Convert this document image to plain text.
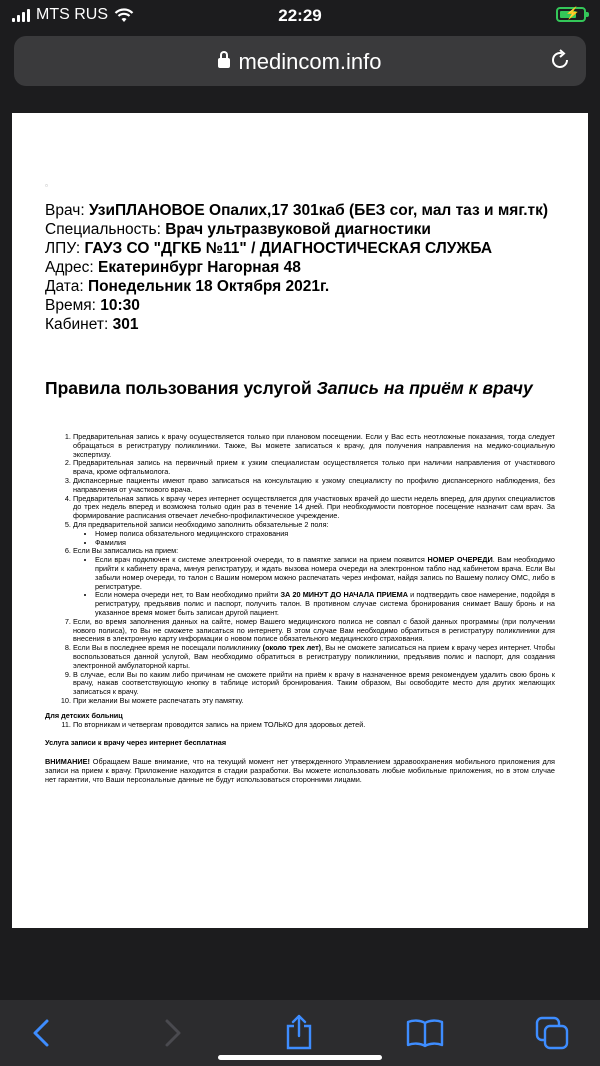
MTS RUS	22:29	⚡
medincom.info
▫

Врач: УзиПЛАНОВОЕ Опалих,17 301каб (БЕЗ cor, мал таз и мяг.тк)

Специальность: Врач ультразвуковой диагностики

ЛПУ: ГАУЗ СО "ДГКБ №11" / ДИАГНОСТИЧЕСКАЯ СЛУЖБА

Адрес: Екатеринбург Нагорная 48

Дата: Понедельник 18 Октября 2021г.

Время: 10:30

Кабинет: 301

Правила пользования услугой Запись на приём к врачу
1. Предварительная запись к врачу осуществляется только при плановом посещении. Если у Вас есть неотложные показания, тогда следует обращаться в регистратуру поликлиники. Также, Вы можете записаться к врачу, для получения направления на медико-социальную экспертизу.
2. Предварительная запись на первичный прием к узким специалистам осуществляется только при наличии направления от участкового врача, кроме офтальмолога.
3. Диспансерные пациенты имеют право записаться на консультацию к узкому специалисту по профилю диспансерного наблюдения, без направления от участкового врача.
4. Предварительная запись к врачу через интернет осуществляется для участковых врачей до шести недель вперед, для других специалистов до трех недель вперед и возможна только один раз в течение 14 дней. При необходимости повторное посещение назначит сам врач. За формирование расписания отвечает лечебно-профилактическое учреждение.
5. Для предварительной записи необходимо заполнить обязательные 2 поля:
• Номер полиса обязательного медицинского страхования
• Фамилия
6. Если Вы записались на прием:
• Если врач подключен к системе электронной очереди, то в памятке записи на прием появится НОМЕР ОЧЕРЕДИ. Вам необходимо прийти к кабинету врача, минуя регистратуру, и ждать вызова номера очереди на электронном табло над кабинетом врача. Если Вы забыли номер очереди, то талон с Вашим номером можно распечатать через инфомат, найдя запись по Вашему полису ОМС, либо в регистратуре.
• Если номера очереди нет, то Вам необходимо прийти ЗА 20 МИНУТ ДО НАЧАЛА ПРИЕМА и подтвердить свое намерение, подойдя в регистратуру, предъявив полис и паспорт, получить талон. В противном случае система бронирования снимает Вашу бронь и на указанное время может быть записан другой пациент.
7. Если, во время заполнения данных на сайте, номер Вашего медицинского полиса не совпал с базой данных программы (при получении нового полиса), то Вы не сможете записаться по интернету. В этом случае Вам необходимо обратиться в регистратуру поликлиники для внесения в электронную карту информации о новом полисе обязательного медицинского страхования.
8. Если Вы в последнее время не посещали поликлинику (около трех лет), Вы не сможете записаться на прием к врачу через интернет. Чтобы воспользоваться данной услугой, Вам необходимо обратиться в регистратуру поликлиники, предъявив полис и паспорт, для создания электронной амбулаторной карты.
9. В случае, если Вы по каким либо причинам не сможете прийти на приём к врачу в назначенное время рекомендуем удалить свою бронь к врачу, нажав соответствующую кнопку в таблице историй бронирования. Таким образом, Вы освободите место для других желающих записаться к врачу.
10. При желании Вы можете распечатать эту памятку.

Для детских больниц

11. По вторникам и четвергам проводится запись на прием ТОЛЬКО для здоровых детей.

Услуга записи к врачу через интернет бесплатная

ВНИМАНИЕ! Обращаем Ваше внимание, что на текущий момент нет утвержденного Управлением здравоохранения мобильного приложения для записи на прием к врачу. Приложение находится в стадии разработки. Вы можете использовать любые мобильные приложения, но в этом случае нет гарантии, что Ваши персональные данные не будут использоваться сторонними лицами.
